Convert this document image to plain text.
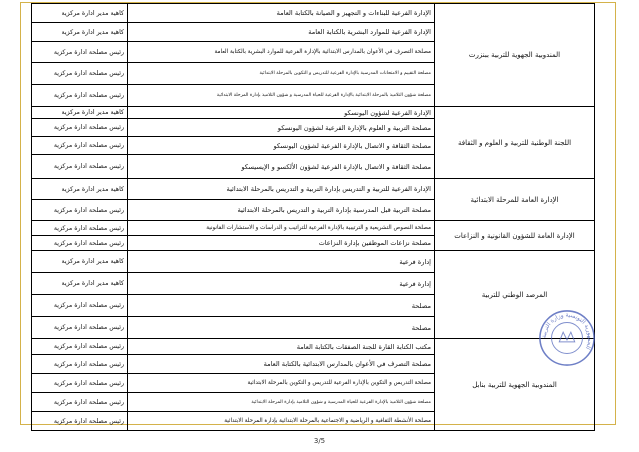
كاهية مدير ادارة مركزية	الإدارة الفرعية للبناءات و التجهيز و الصيانة بالكتابة العامة	المندوبية الجهوية للتربية ببنزرت
كاهية مدير ادارة مركزية	الإدارة الفرعية للموارد البشرية بالكتابة العامة	
رئيس مصلحة ادارة مركزية	مصلحة التصرف في الأعوان بالمدارس الابتدائية بالإدارة الفرعية للموارد البشرية بالكتابة العامة	
رئيس مصلحة ادارة مركزية	مصلحة التقييم و الامتحانات المدرسية بالإدارة الفرعية للتدريس و التكوين بالمرحلة الابتدائية	
رئيس مصلحة ادارة مركزية	مصلحة شؤون التلاميذ بالمرحلة الابتدائية بالإدارة الفرعية للحياة المدرسية و شؤون التلاميذ بإدارة المرحلة الابتدائية	
كاهية مدير ادارة مركزية	الإدارة الفرعية لشؤون اليونسكو	اللجنة الوطنية للتربية و العلوم و الثقافة
رئيس مصلحة ادارة مركزية	مصلحة التربية و العلوم بالإدارة الفرعية لشؤون اليونسكو	
رئيس مصلحة ادارة مركزية	مصلحة الثقافة و الاتصال بالإدارة الفرعية لشؤون اليونسكو	
رئيس مصلحة ادارة مركزية	مصلحة الثقافة و الاتصال بالإدارة الفرعية لشؤون الألكسو و الإيسيسكو	
كاهية مدير ادارة مركزية	الإدارة الفرعية للتربية و التدريس بإدارة التربية و التدريس بالمرحلة الابتدائية	الإدارة العامة للمرحلة الابتدائية
رئيس مصلحة ادارة مركزية	مصلحة التربية قبل المدرسية بإدارة التربية و التدريس بالمرحلة الابتدائية	
رئيس مصلحة ادارة مركزية	مصلحة النصوص التشريعية و الترتيبية بالإدارة الفرعية للتراتيب و الدراسات و الاستشارات القانونية	الإدارة العامة للشؤون القانونية و النزاعات
رئيس مصلحة ادارة مركزية	مصلحة نزاعات الموظفين بإدارة النزاعات	
كاهية مدير ادارة مركزية	إدارة فرعية	المرصد الوطني للتربية
كاهية مدير ادارة مركزية	إدارة فرعية	
رئيس مصلحة ادارة مركزية	مصلحة	
رئيس مصلحة ادارة مركزية	مصلحة	
رئيس مصلحة ادارة مركزية	مكتب الكتابة القارة للجنة الصفقات بالكتابة العامة	المندوبية الجهوية للتربية بنابل
رئيس مصلحة ادارة مركزية	مصلحة التصرف في الأعوان بالمدارس الابتدائية بالكتابة العامة	
رئيس مصلحة ادارة مركزية	مصلحة التدريس و التكوين بالإدارة الفرعية للتدريس و التكوين بالمرحلة الابتدائية	
رئيس مصلحة ادارة مركزية	مصلحة شؤون التلاميذ بالإدارة الفرعية للحياة المدرسية و شؤون التلاميذ بإدارة المرحلة الابتدائية	
رئيس مصلحة ادارة مركزية	مصلحة الأنشطة الثقافية و الرياضية و الاجتماعية بالمرحلة الابتدائية بإدارة المرحلة الابتدائية	
الجمهورية التونسية وزارة التربية
3/5
